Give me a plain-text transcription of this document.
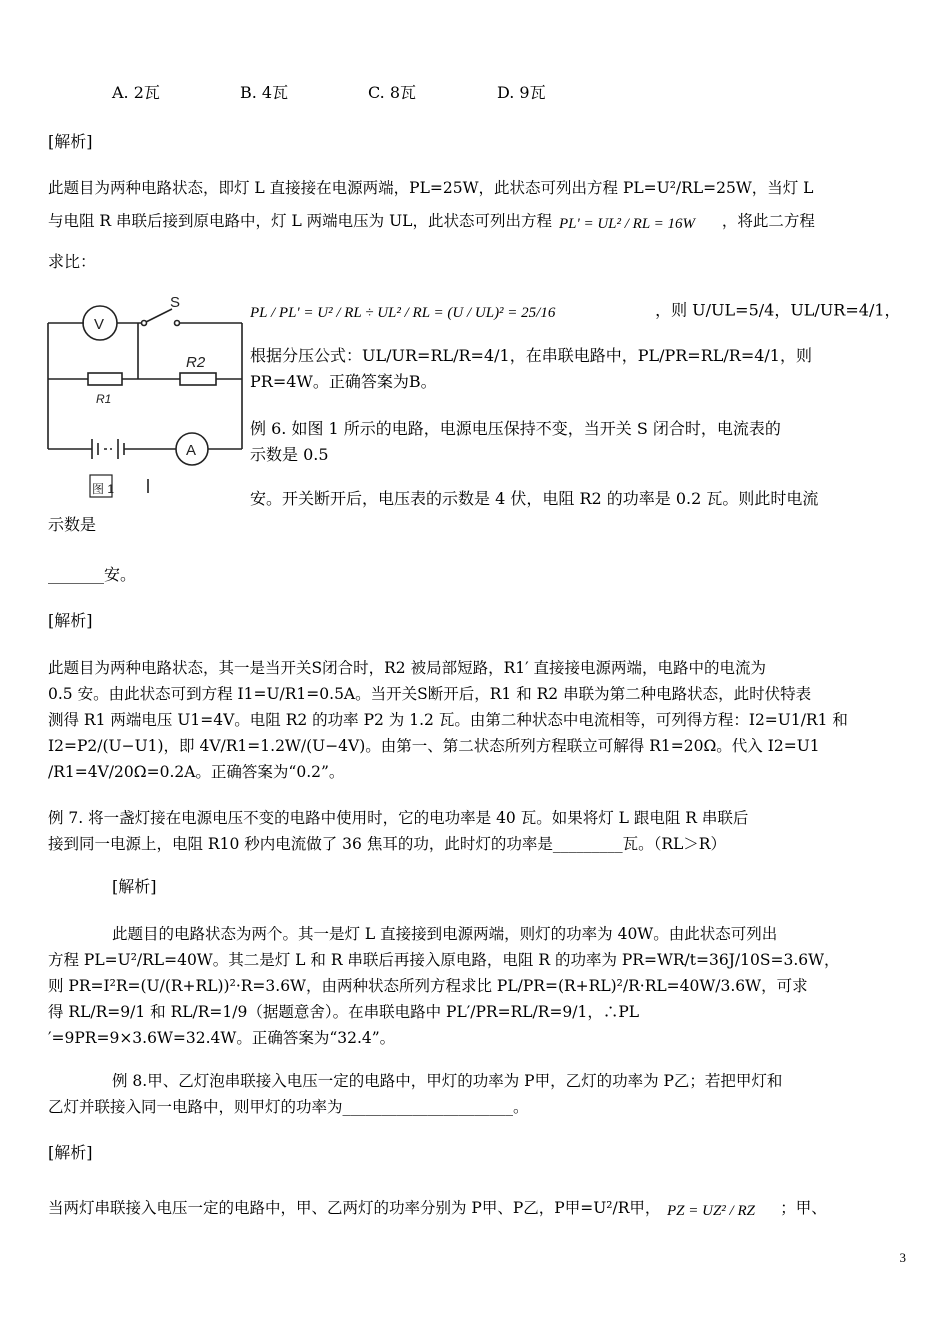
A. 2瓦	B. 4瓦	C. 8瓦	D. 9瓦
[解析]
此题目为两种电路状态，即灯 L 直接接在电源两端，PL=25W，此状态可列出方程 PL=U²/RL=25W，当灯 L
与电阻 R 串联后接到原电路中，灯 L 两端电压为 UL，此状态可列出方程 PL' = UL² / RL = 16W ，将此二方程
求比：
V
S
R2
R1
A
图 1
PL / PL' = U² / RL ÷ UL² / RL = (U / UL)² = 25/16	，则 U/UL=5/4，UL/UR=4/1，
根据分压公式：UL/UR=RL/R=4/1，在串联电路中，PL/PR=RL/R=4/1，则
PR=4W。正确答案为B。
例 6. 如图 1 所示的电路，电源电压保持不变，当开关 S 闭合时，电流表的
示数是 0.5
安。开关断开后，电压表的示数是 4 伏，电阻 R2 的功率是 0.2 瓦。则此时电流
示数是
_______安。
[解析]
此题目为两种电路状态，其一是当开关S闭合时，R2 被局部短路，R1′ 直接接电源两端，电路中的电流为
0.5 安。由此状态可到方程 I1=U/R1=0.5A。当开关S断开后，R1 和 R2 串联为第二种电路状态，此时伏特表
测得 R1 两端电压 U1=4V。电阻 R2 的功率 P2 为 1.2 瓦。由第二种状态中电流相等，可列得方程：I2=U1/R1 和
I2=P2/(U−U1)，即 4V/R1=1.2W/(U−4V)。由第一、第二状态所列方程联立可解得 R1=20Ω。代入 I2=U1
/R1=4V/20Ω=0.2A。正确答案为“0.2”。
例 7. 将一盏灯接在电源电压不变的电路中使用时，它的电功率是 40 瓦。如果将灯 L 跟电阻 R 串联后
接到同一电源上，电阻 R10 秒内电流做了 36 焦耳的功，此时灯的功率是_________瓦。（RL＞R）
[解析]
此题目的电路状态为两个。其一是灯 L 直接接到电源两端，则灯的功率为 40W。由此状态可列出
方程 PL=U²/RL=40W。其二是灯 L 和 R 串联后再接入原电路，电阻 R 的功率为 PR=WR/t=36J/10S=3.6W，
则 PR=I²R=(U/(R+RL))²·R=3.6W，由两种状态所列方程求比 PL/PR=(R+RL)²/R·RL=40W/3.6W，可求
得 RL/R=9/1 和 RL/R=1/9（据题意舍）。在串联电路中 PL′/PR=RL/R=9/1，∴PL
′=9PR=9×3.6W=32.4W。正确答案为“32.4”。
例 8.甲、乙灯泡串联接入电压一定的电路中，甲灯的功率为 P甲，乙灯的功率为 P乙；若把甲灯和
乙灯并联接入同一电路中，则甲灯的功率为______________________。
[解析]
当两灯串联接入电压一定的电路中，甲、乙两灯的功率分别为 P甲、P乙，P甲=U²/R甲， PZ = UZ² / RZ ；甲、
3
